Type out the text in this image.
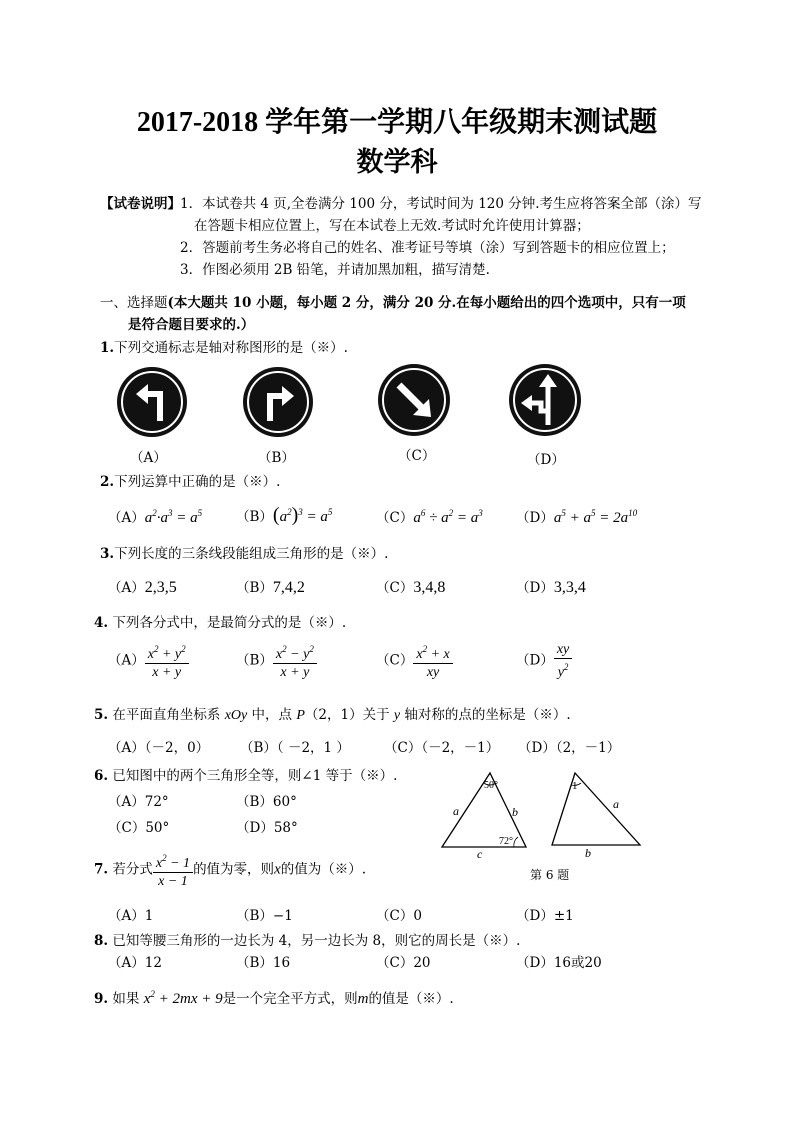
2017-2018 学年第一学期八年级期末测试题
数学科
【试卷说明】 1．本试卷共 4 页,全卷满分 100 分，考试时间为 120 分钟.考生应将答案全部（涂）写
在答题卡相应位置上，写在本试卷上无效.考试时允许使用计算器；
2．答题前考生务必将自己的姓名、准考证号等填（涂）写到答题卡的相应位置上；
3．作图必须用 2B 铅笔，并请加黑加粗，描写清楚.
一、选择题(本大题共 10 小题，每小题 2 分，满分 20 分.在每小题给出的四个选项中，只有一项
是符合题目要求的.）
1.下列交通标志是轴对称图形的是（※）.
（A）	（B）	（C）	（D）
2.下列运算中正确的是（※）.
$(A)a^2\cdot a^3 = a^5$	$(B)(a^2)^3 = a^5$	$(C)a^6 \div a^2 = a^3$ $(D)a^5 + a^5 = 2a^{10}$
3.下列长度的三条线段能组成三角形的是（※）.
（A）2,3,5	（B）7,4,2	（C）3,4,8	（D）3,3,4
4. 下列各分式中，是最简分式的是（※）.
$(A) \frac{x^2 + y^2}{x + y}$	$(B) \frac{x^2 - y^2}{x + y}$	$(C) \frac{x^2 + x}{xy}$	$(D) \frac{xy}{y^2}$
5. 在平面直角坐标系 xOy 中，点 P（2，1）关于 y 轴对称的点的坐标是（※）.
（A）（－2，0） （B）（ －2，1 ）	（C）（－2，－1） （D）（2，－1）
6. 已知图中的两个三角形全等，则∠1 等于（※）.
（A）72°	（B）60°
（C）50°	（D）58°
50°
a	b
72°
c
1
a
b
第 6 题
7. 若分式 $\frac{x^2 - 1}{x - 1}$ 的值为零，则x的值为（※）.
（A）1	（B）−1	（C）0	（D）±1
8. 已知等腰三角形的一边长为 4，另一边长为 8，则它的周长是（※）.
（A）12	（B）16	（C）20	（D）16或20
9. 如果 $x^2 + 2mx + 9$是一个完全平方式，则m的值是（※）.
